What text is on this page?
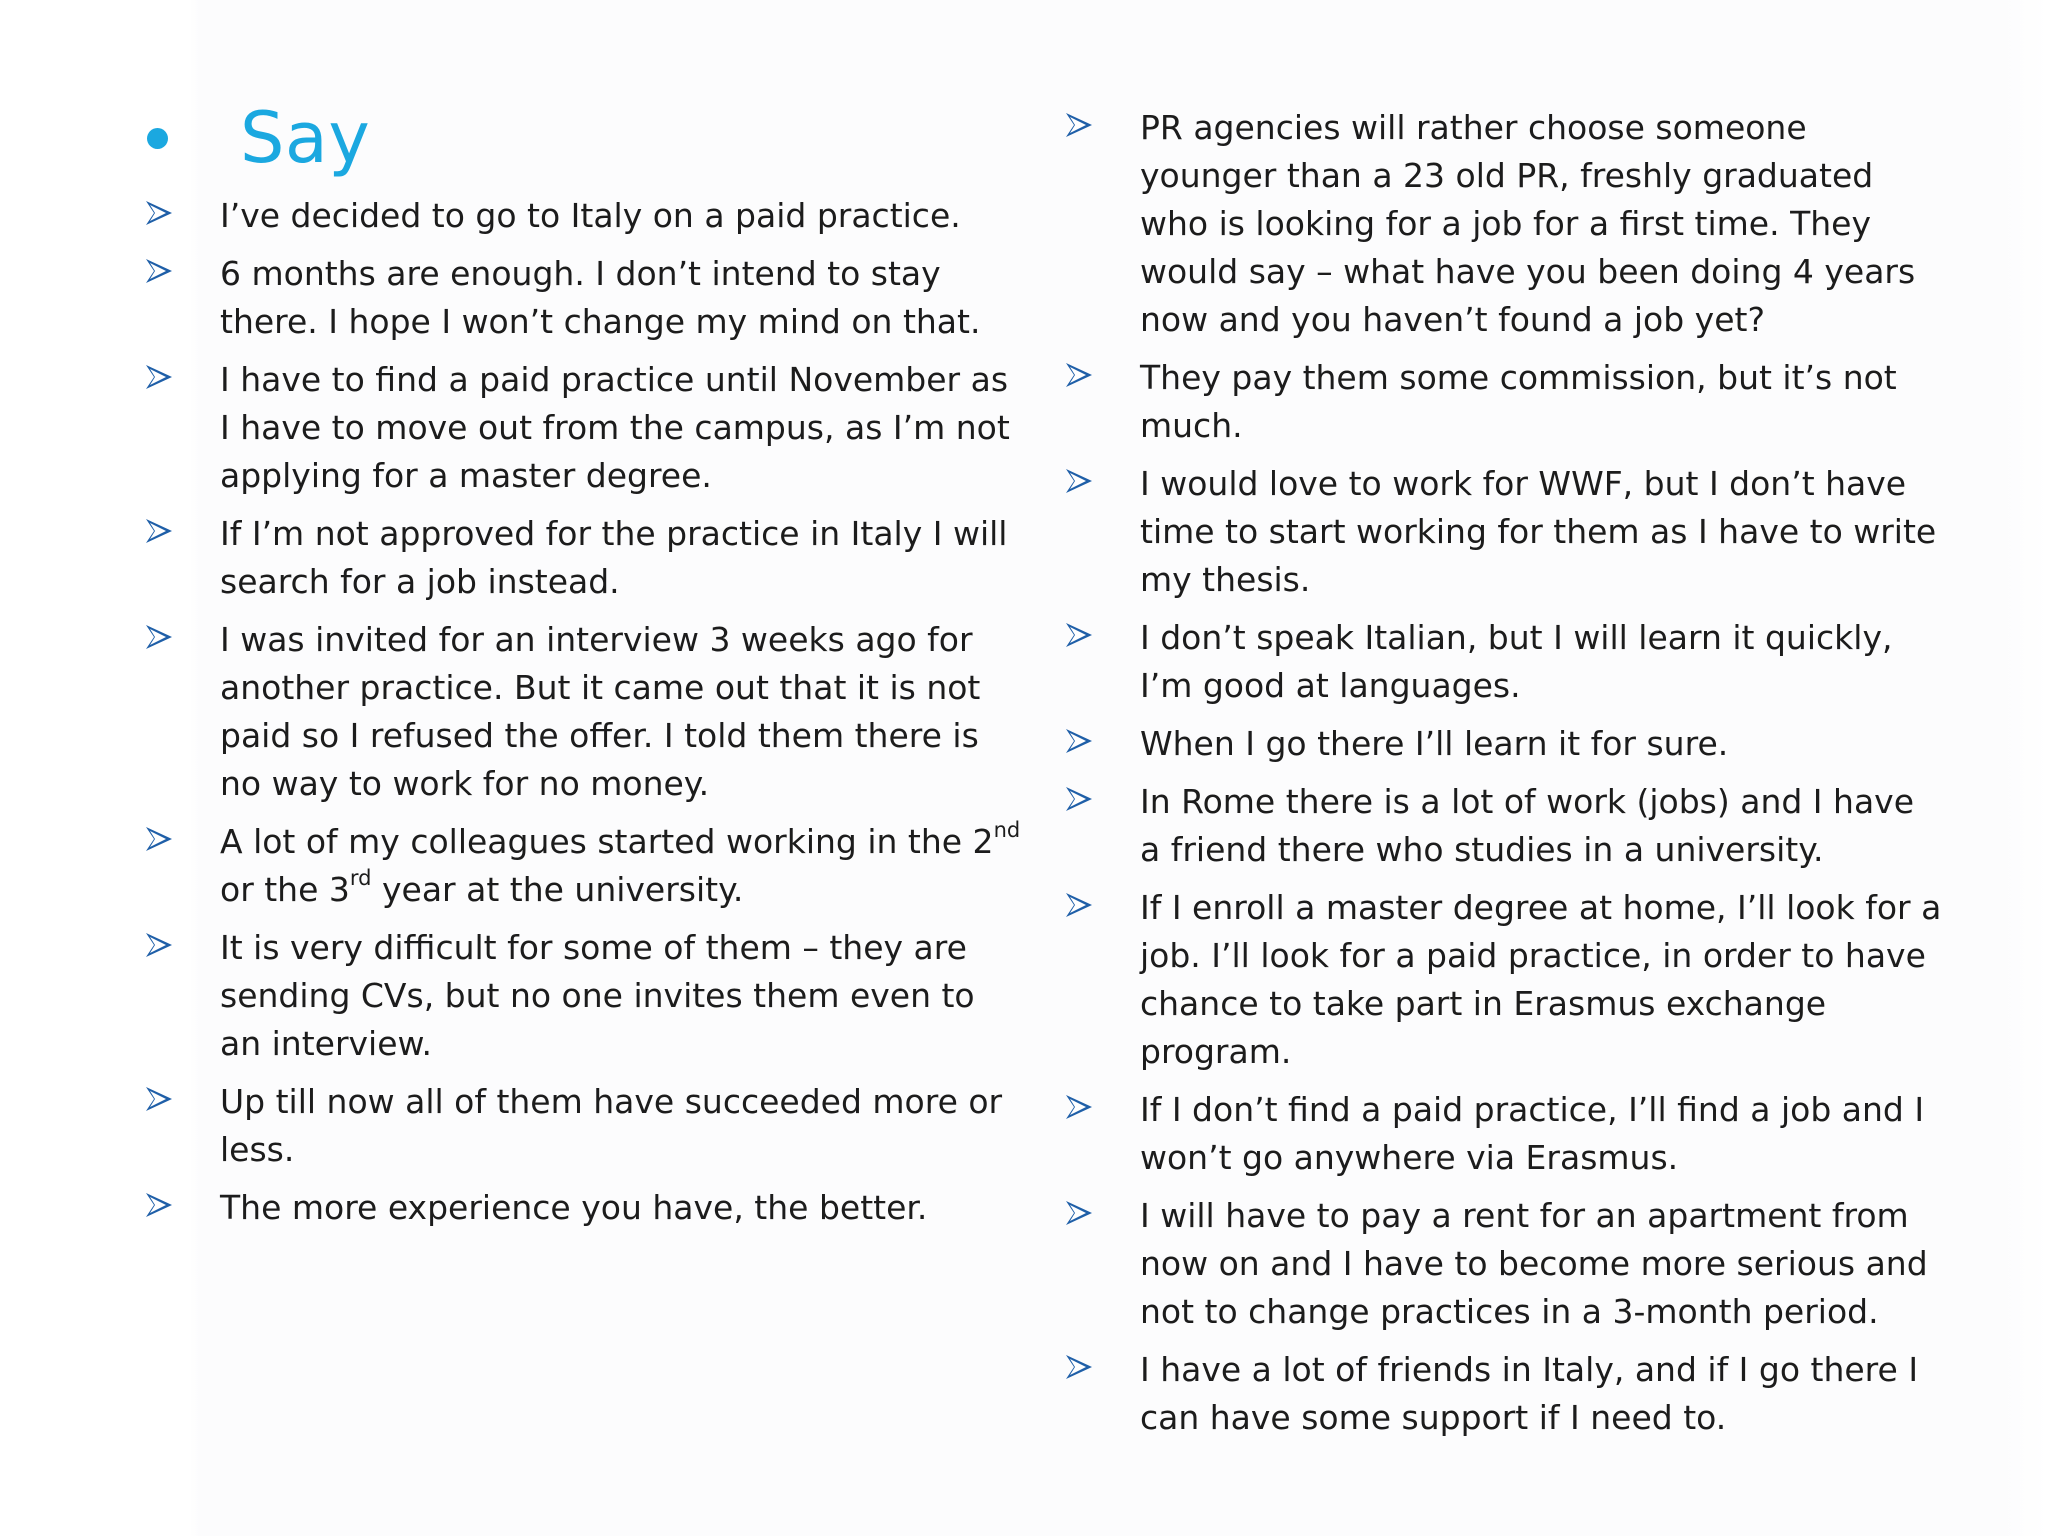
Say
I’ve decided to go to Italy on a paid practice.
6 months are enough. I don’t intend to stay there. I hope I won’t change my mind on that.
I have to find a paid practice until November as I have to move out from the campus, as I’m not applying for a master degree.
If I’m not approved for the practice in Italy I will search for a job instead.
I was invited for an interview 3 weeks ago for another practice. But it came out that it is not paid so I refused the offer. I told them there is no way to work for no money.
A lot of my colleagues started working in the 2nd or the 3rd year at the university.
It is very difficult for some of them – they are sending CVs, but no one invites them even to an interview.
Up till now all of them have succeeded more or less.
The more experience you have, the better.
PR agencies will rather choose someone younger than a 23 old PR, freshly graduated who is looking for a job for a first time. They would say – what have you been doing 4 years now and you haven’t found a job yet?
They pay them some commission, but it’s not much.
I would love to work for WWF, but I don’t have time to start working for them as I have to write my thesis.
I don’t speak Italian, but I will learn it quickly, I’m good at languages.
When I go there I’ll learn it for sure.
In Rome there is a lot of work (jobs) and I have a friend there who studies in a university.
If I enroll a master degree at home, I’ll look for a job. I’ll look for a paid practice, in order to have chance to take part in Erasmus exchange program.
If I don’t find a paid practice, I’ll find a job and I won’t go anywhere via Erasmus.
I will have to pay a rent for an apartment from now on and I have to become more serious and not to change practices in a 3-month period.
I have a lot of friends in Italy, and if I go there I can have some support if I need to.
